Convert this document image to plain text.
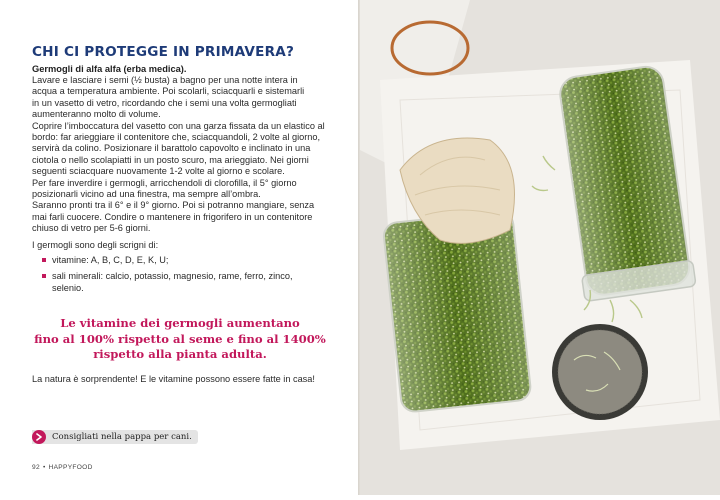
CHI CI PROTEGGE IN PRIMAVERA?

Germogli di alfa alfa (erba medica).

Lavare e lasciare i semi (½ busta) a bagno per una notte intera in
acqua a temperatura ambiente. Poi scolarli, sciacquarli e sistemarli
in un vasetto di vetro, ricordando che i semi una volta germogliati
aumenteranno molto di volume.
Coprire l’imboccatura del vasetto con una garza fissata da un elastico al
bordo: far arieggiare il contenitore che, sciacquandoli, 2 volte al giorno,
servirà da colino. Posizionare il barattolo capovolto e inclinato in una
ciotola o nello scolapiatti in un posto scuro, ma arieggiato. Nei giorni
seguenti sciacquare nuovamente 1-2 volte al giorno e scolare.
Per fare inverdire i germogli, arricchendoli di clorofilla, il 5° giorno
posizionarli vicino ad una finestra, ma sempre all’ombra.
Saranno pronti tra il 6° e il 9° giorno. Poi si potranno mangiare, senza
mai farli cuocere. Condire o mantenere in frigorifero in un contenitore
chiuso di vetro per 5-6 giorni.

I germogli sono degli scrigni di:

vitamine: A, B, C, D, E, K, U;
sali minerali: calcio, potassio, magnesio, rame, ferro, zinco, selenio.
Le vitamine dei germogli aumentano
fino al 100% rispetto al seme e fino al 1400%
rispetto alla pianta adulta.

La natura è sorprendente! E le vitamine possono essere fatte in casa!

Consigliati nella pappa per cani.
92 • HAPPYFOOD
